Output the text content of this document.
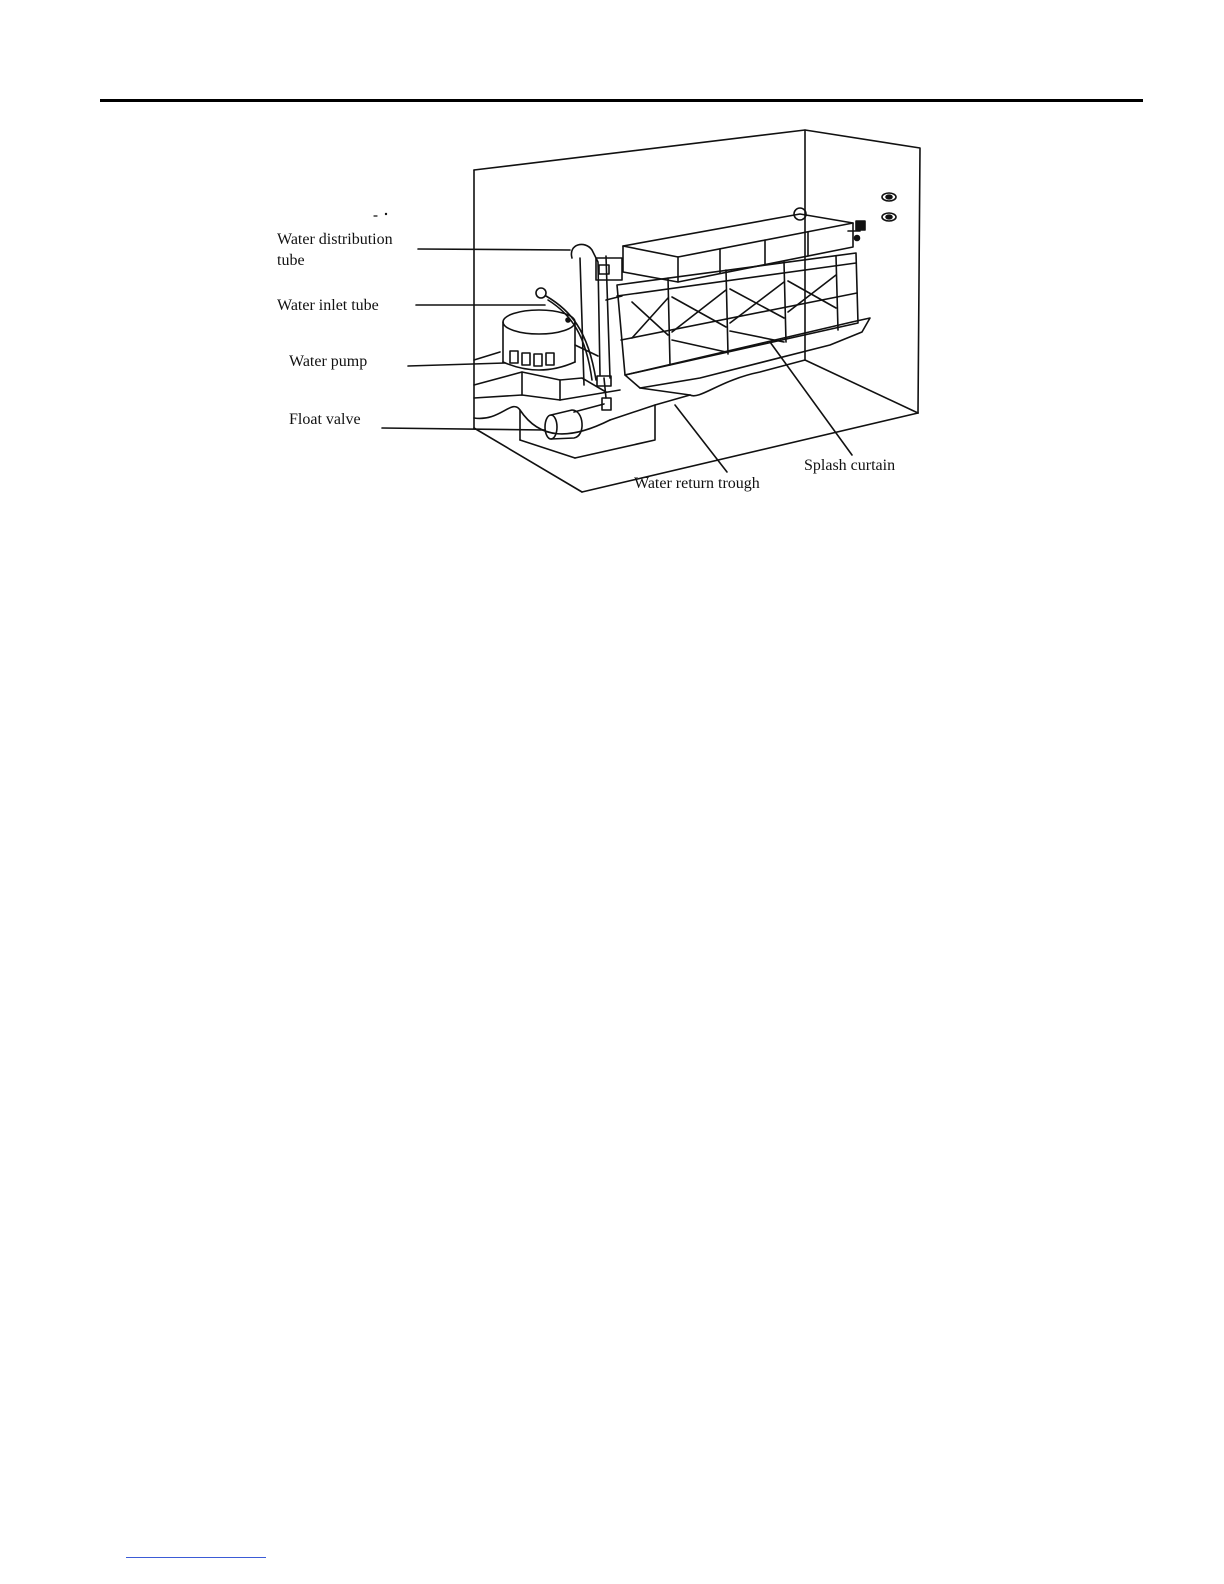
Water distribution
tube
Water inlet tube
Water pump
Float valve
Splash curtain
Water return trough
